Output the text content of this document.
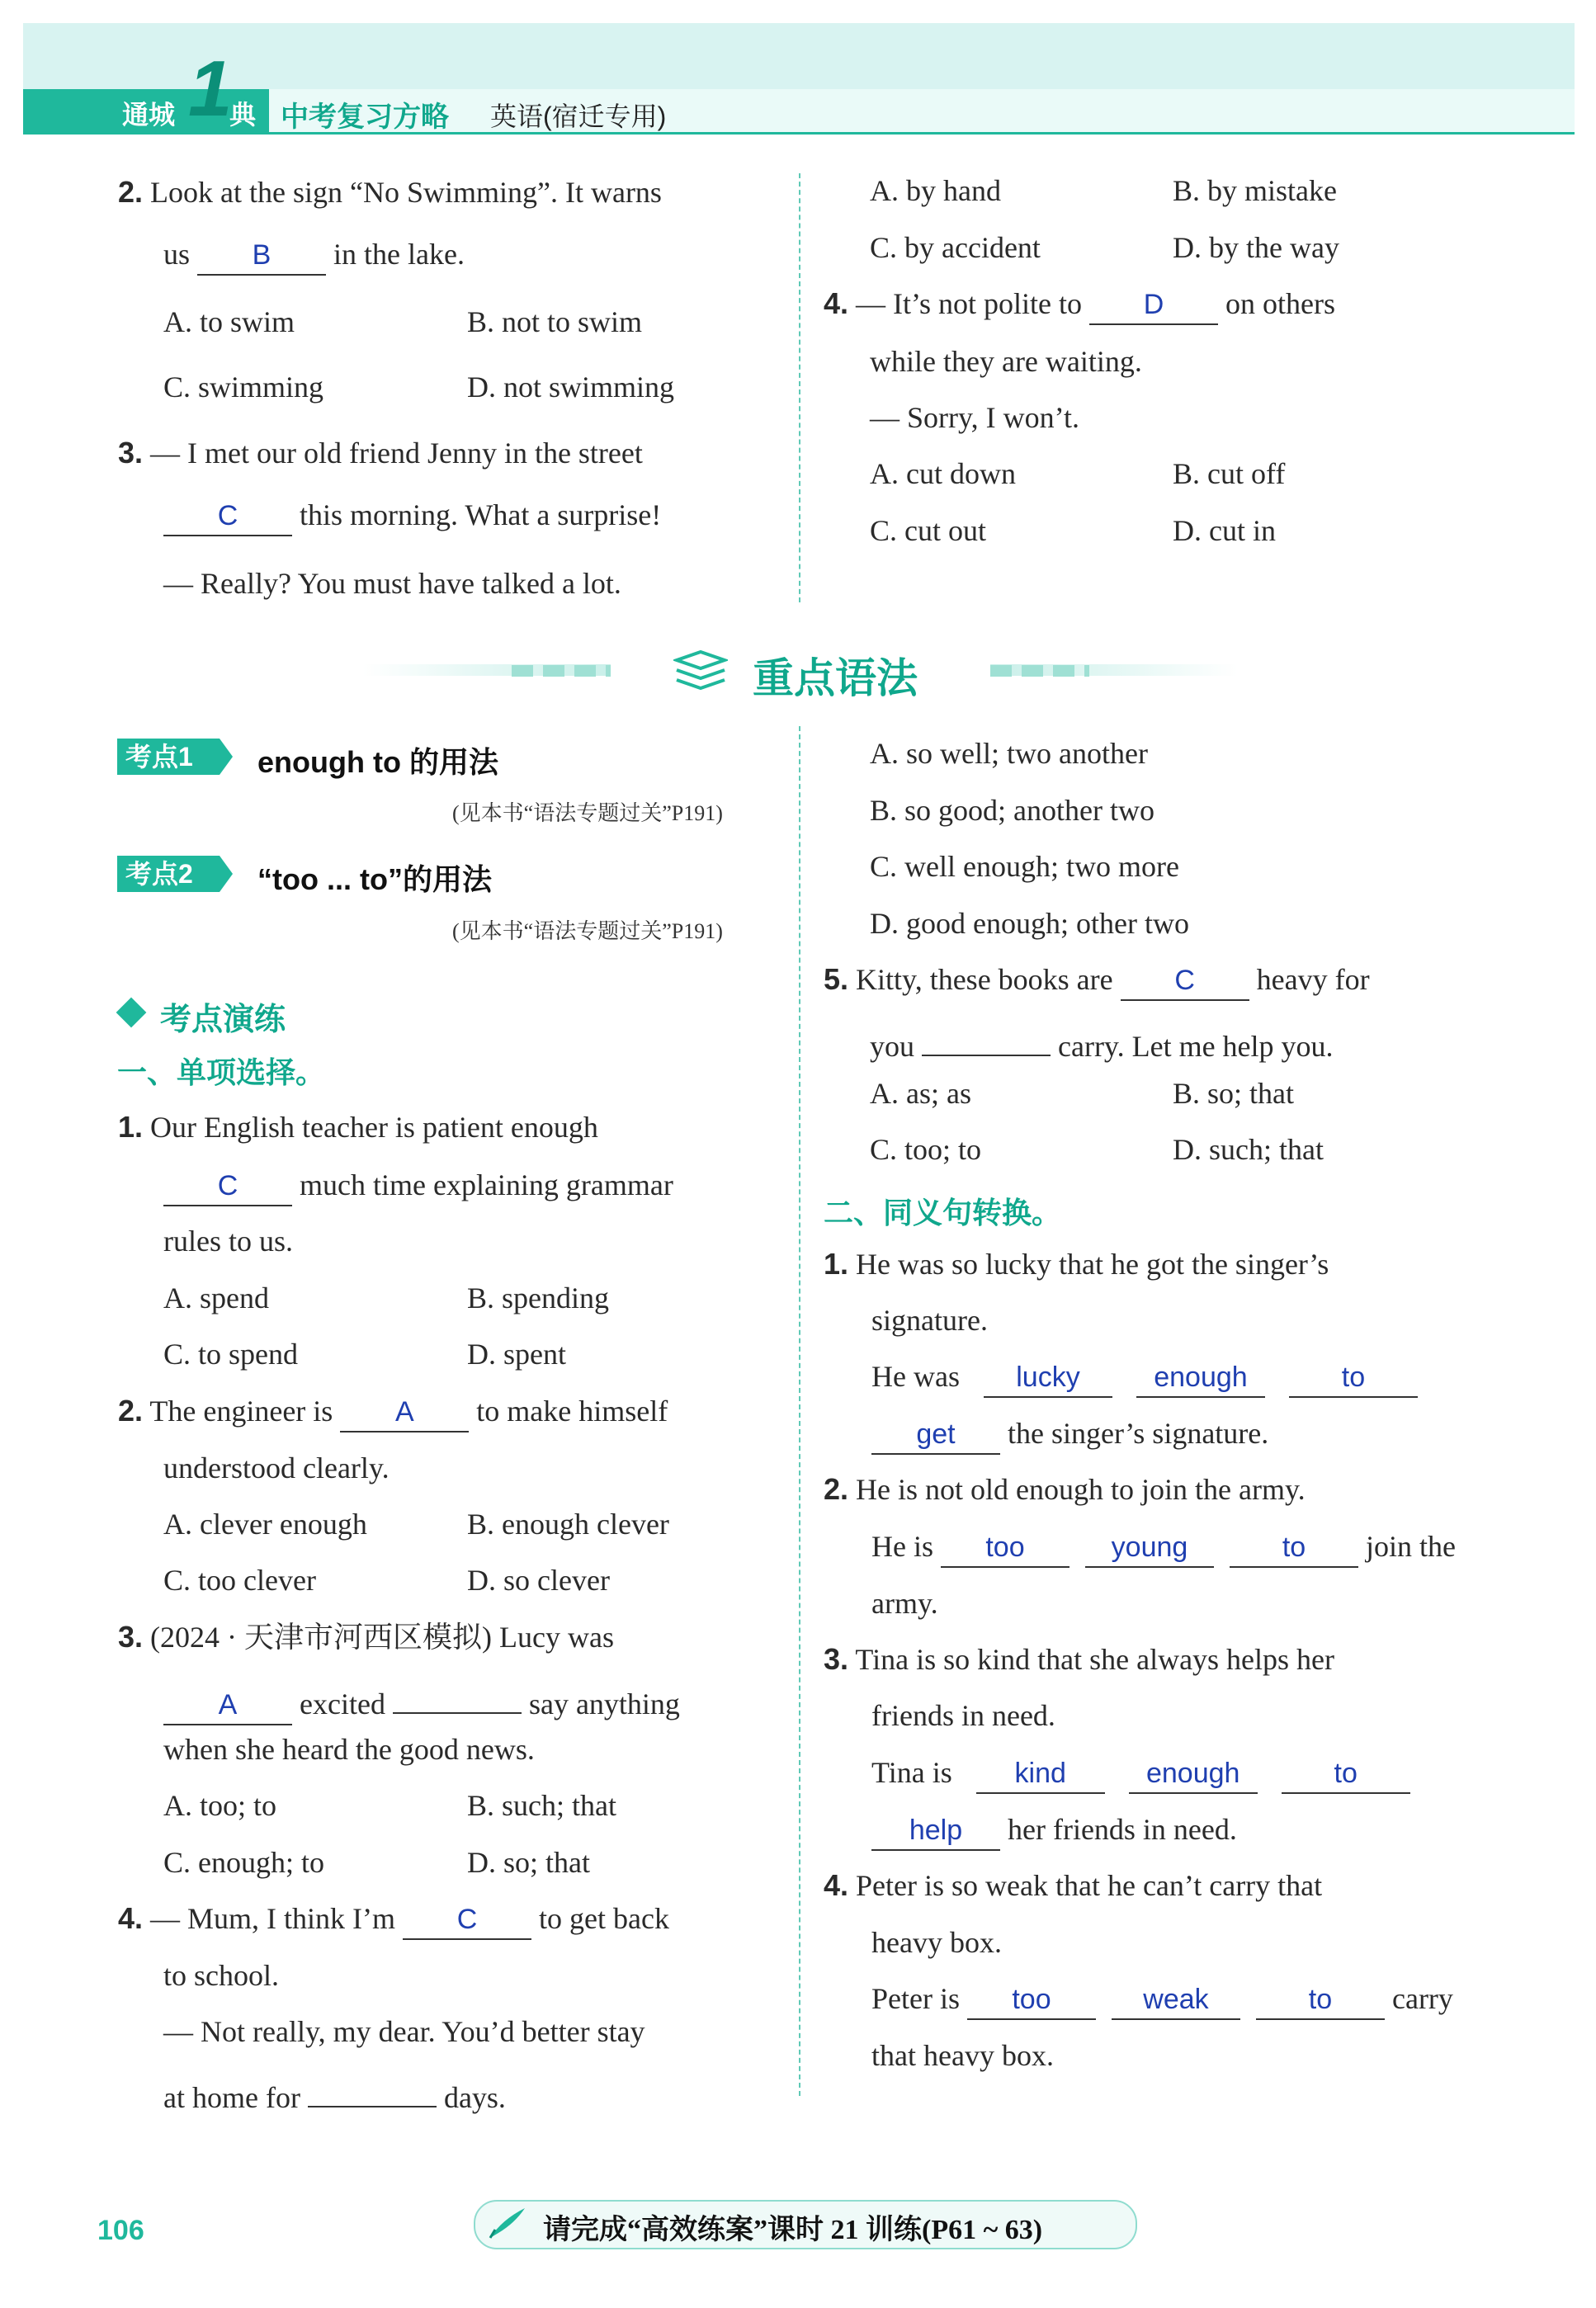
通城 1
典 中考复习方略 英语(宿迁专用)
2. Look at the sign “No Swimming”. It warns
us B in the lake.
A. to swim	B. not to swim
C. swimming	D. not swimming
3. — I met our old friend Jenny in the street
C this morning. What a surprise!
— Really? You must have talked a lot.
A. by hand	B. by mistake
C. by accident	D. by the way
4. — It’s not polite to D on others
while they are waiting.
— Sorry, I won’t.
A. cut down	B. cut off
C. cut out	D. cut in
重点语法
考点1	enough to 的用法
(见本书“语法专题过关”P191)
考点2	“too ... to”的用法
(见本书“语法专题过关”P191)
考点演练
一、单项选择。
1. Our English teacher is patient enough
C much time explaining grammar
rules to us.
A. spend	B. spending
C. to spend	D. spent
2. The engineer is A to make himself
understood clearly.
A. clever enough	B. enough clever
C. too clever	D. so clever
3. (2024 · 天津市河西区模拟) Lucy was
A excited	say anything
when she heard the good news.
A. too; to	B. such; that
C. enough; to	D. so; that
4. — Mum, I think I’m C to get back
to school.
— Not really, my dear. You’d better stay
at home for	days.
A. so well; two another
B. so good; another two
C. well enough; two more
D. good enough; other two
5. Kitty, these books are C heavy for
you	carry. Let me help you.
A. as; as	B. so; that
C. too; to	D. such; that
二、同义句转换。
1. He was so lucky that he got the singer’s
signature.
He was lucky	enough	to
get the singer’s signature.
2. He is not old enough to join the army.
He is too	young	to join the
army.
3. Tina is so kind that she always helps her
friends in need.
Tina is kind	enough	to
help her friends in need.
4. Peter is so weak that he can’t carry that
heavy box.
Peter is too	weak	to carry
that heavy box.
106	请完成“高效练案”课时 21 训练(P61 ~ 63)
